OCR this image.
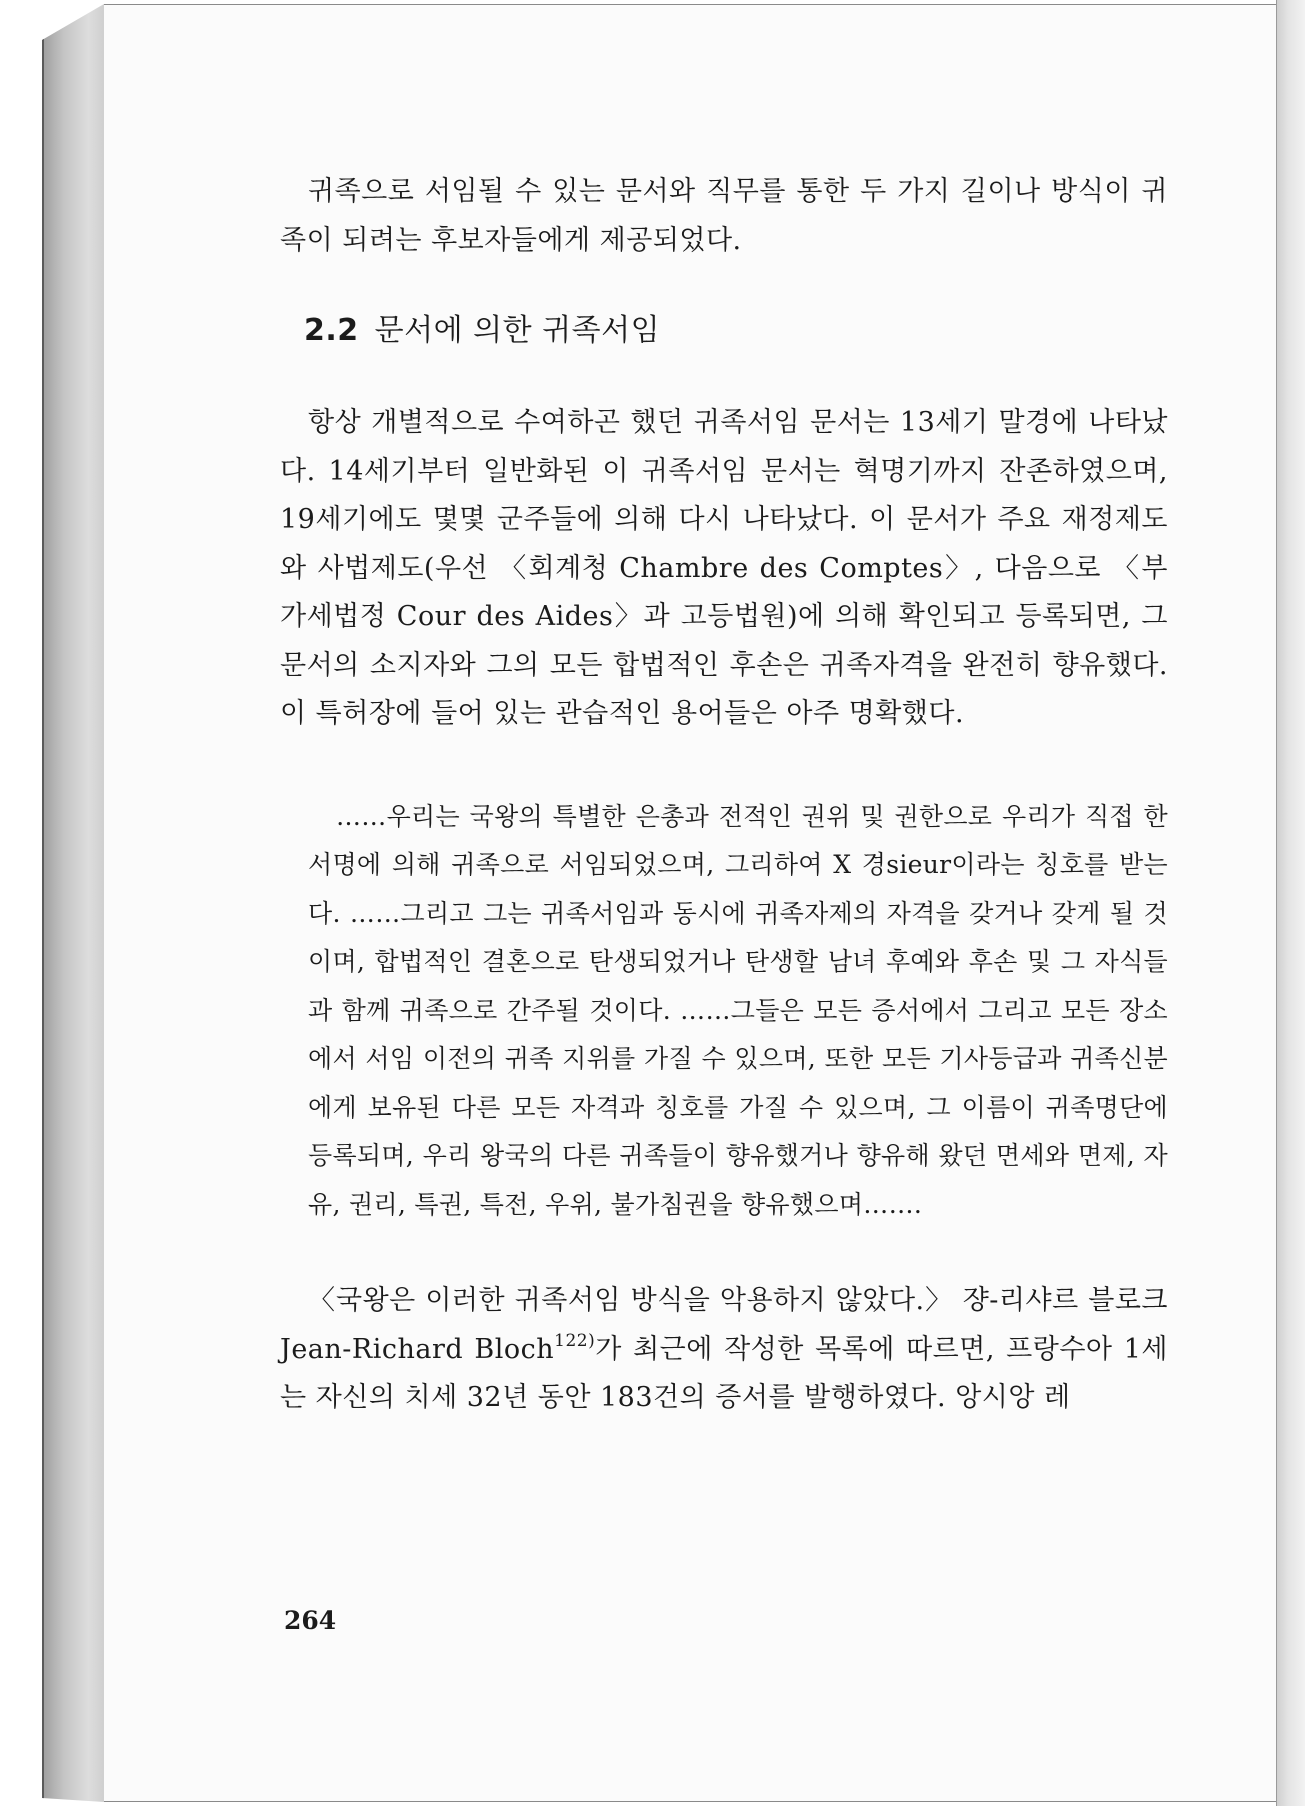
귀족으로 서임될 수 있는 문서와 직무를 통한 두 가지 길이나 방식이 귀족이 되려는 후보자들에게 제공되었다.

2.2 문서에 의한 귀족서임

항상 개별적으로 수여하곤 했던 귀족서임 문서는 13세기 말경에 나타났다. 14세기부터 일반화된 이 귀족서임 문서는 혁명기까지 잔존하였으며, 19세기에도 몇몇 군주들에 의해 다시 나타났다. 이 문서가 주요 재정제도와 사법제도(우선 〈회계청 Chambre des Comptes〉, 다음으로 〈부가세법정 Cour des Aides〉과 고등법원)에 의해 확인되고 등록되면, 그 문서의 소지자와 그의 모든 합법적인 후손은 귀족자격을 완전히 향유했다. 이 특허장에 들어 있는 관습적인 용어들은 아주 명확했다.

……우리는 국왕의 특별한 은총과 전적인 권위 및 권한으로 우리가 직접 한 서명에 의해 귀족으로 서임되었으며, 그리하여 X 경sieur이라는 칭호를 받는다. ……그리고 그는 귀족서임과 동시에 귀족자제의 자격을 갖거나 갖게 될 것이며, 합법적인 결혼으로 탄생되었거나 탄생할 남녀 후예와 후손 및 그 자식들과 함께 귀족으로 간주될 것이다. ……그들은 모든 증서에서 그리고 모든 장소에서 서임 이전의 귀족 지위를 가질 수 있으며, 또한 모든 기사등급과 귀족신분에게 보유된 다른 모든 자격과 칭호를 가질 수 있으며, 그 이름이 귀족명단에 등록되며, 우리 왕국의 다른 귀족들이 향유했거나 향유해 왔던 면세와 면제, 자유, 권리, 특권, 특전, 우위, 불가침권을 향유했으며…….

〈국왕은 이러한 귀족서임 방식을 악용하지 않았다.〉 쟝-리샤르 블로크 Jean-Richard Bloch$^{122)}$가 최근에 작성한 목록에 따르면, 프랑수아 1세는 자신의 치세 32년 동안 183건의 증서를 발행하였다. 앙시앙 레

264
